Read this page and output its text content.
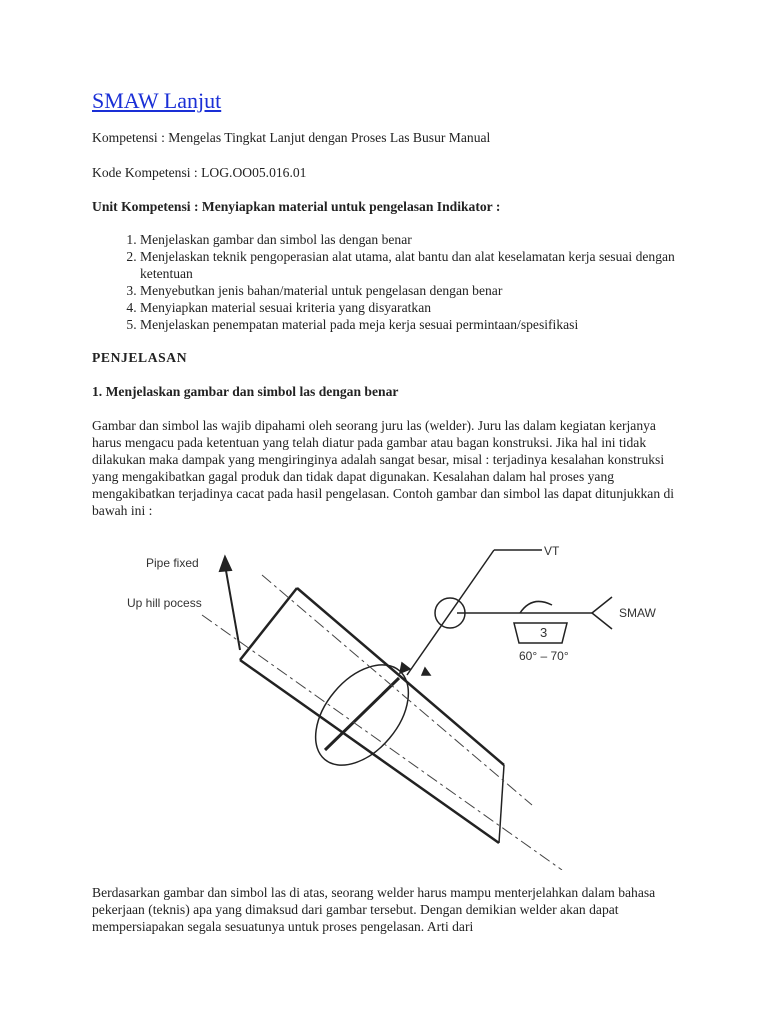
SMAW Lanjut
Kompetensi : Mengelas Tingkat Lanjut dengan Proses Las Busur Manual
Kode Kompetensi : LOG.OO05.016.01
Unit Kompetensi : Menyiapkan material untuk pengelasan Indikator :
1. Menjelaskan gambar dan simbol las dengan benar
2. Menjelaskan teknik pengoperasian alat utama, alat bantu dan alat keselamatan kerja sesuai dengan ketentuan
3. Menyebutkan jenis bahan/material untuk pengelasan dengan benar
4. Menyiapkan material sesuai kriteria yang disyaratkan
5. Menjelaskan penempatan material pada meja kerja sesuai permintaan/spesifikasi
PENJELASAN
1. Menjelaskan gambar dan simbol las dengan benar

Gambar dan simbol las wajib dipahami oleh seorang juru las (welder). Juru las dalam kegiatan kerjanya harus mengacu pada ketentuan yang telah diatur pada gambar atau bagan konstruksi. Jika hal ini tidak dilakukan maka dampak yang mengiringinya adalah sangat besar, misal : terjadinya kesalahan konstruksi yang mengakibatkan gagal produk dan tidak dapat digunakan. Kesalahan dalam hal proses yang mengakibatkan terjadinya cacat pada hasil pengelasan. Contoh gambar dan simbol las dapat ditunjukkan di bawah ini :

Berdasarkan gambar dan simbol las di atas, seorang welder harus mampu menterjelahkan dalam bahasa pekerjaan (teknis) apa yang dimaksud dari gambar tersebut. Dengan demikian welder akan dapat mempersiapakan segala sesuatunya untuk proses pengelasan. Arti dari

Pipe fixed
Up hill pocess
VT
SMAW
3
60° – 70°
